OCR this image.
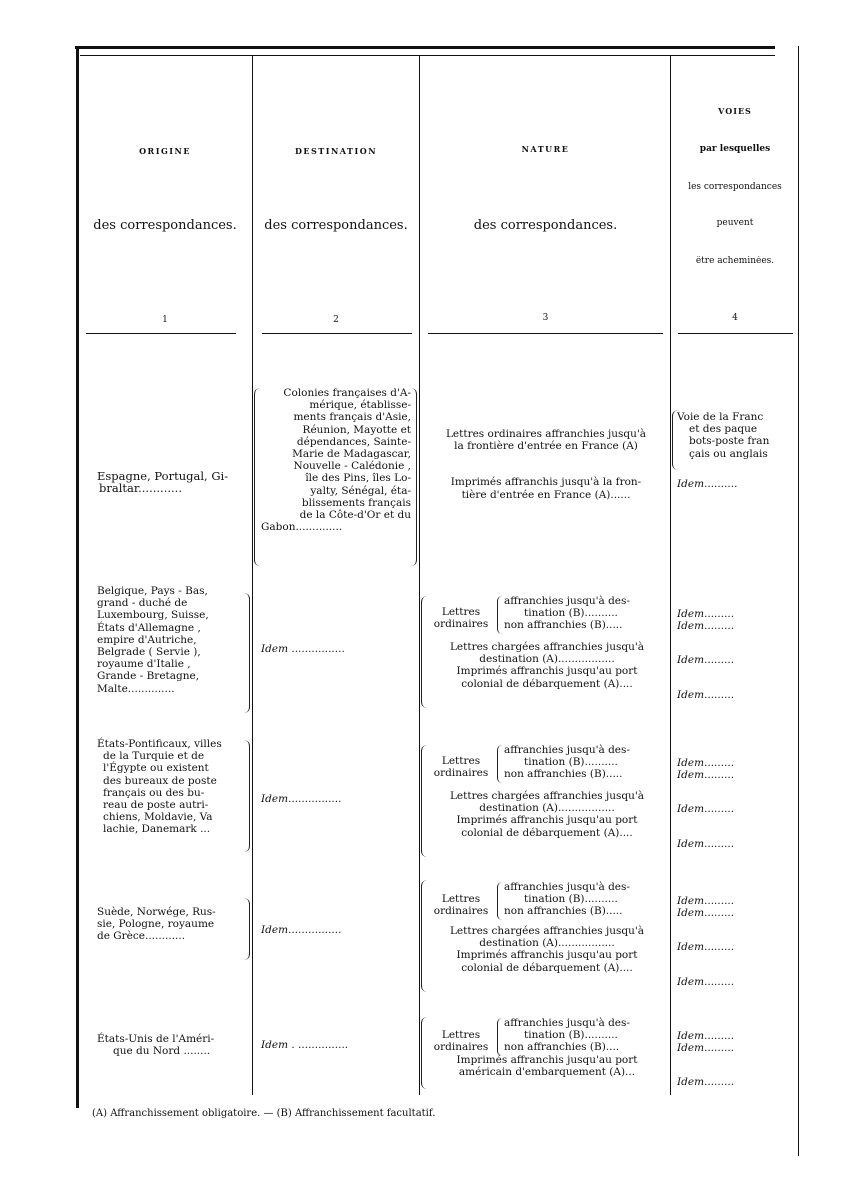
ORIGINE
des correspondances.
1
DESTINATION
des correspondances.
2
NATURE
des correspondances.
3
VOIES
par lesquelles
les correspondances
peuvent
être acheminées.
4
Espagne, Portugal, Gi-
braltar............
Colonies françaises d'A-
mérique, établisse-
ments français d'Asie,
Réunion, Mayotte et
dépendances, Sainte-
Marie de Madagascar,
Nouvelle - Calédonie ,
île des Pins, îles Lo-
yalty, Sénégal, éta-
blissements français
de la Côte-d'Or et du
Gabon..............
Lettres ordinaires affranchies jusqu'à
la frontière d'entrée en France (A)
Imprimés affranchis jusqu'à la fron-
tière d'entrée en France (A)......
Voie de la Franc
et des paque
bots-poste fran
çais ou anglais
Idem..........
Belgique, Pays - Bas,
grand - duché de
Luxembourg, Suisse,
États d'Allemagne ,
empire d'Autriche,
Belgrade ( Servie ),
royaume d'Italie ,
Grande - Bretagne,
Malte..............
Idem ................
Lettres
ordinaires
affranchies jusqu'à des-
tination (B)..........
non affranchies (B).....
Lettres chargées affranchies jusqu'à
destination (A).................
Imprimés affranchis jusqu'au port
colonial de débarquement (A)....
Idem.........
Idem.........
Idem.........
Idem.........
États-Pontificaux, villes
de la Turquie et de
l'Égypte ou existent
des bureaux de poste
français ou des bu-
reau de poste autri-
chiens, Moldavie, Va
lachie, Danemark ...
Idem................
Lettres
ordinaires
affranchies jusqu'à des-
tination (B)..........
non affranchies (B).....
Lettres chargées affranchies jusqu'à
destination (A).................
Imprimés affranchis jusqu'au port
colonial de débarquement (A)....
Idem.........
Idem.........
Idem.........
Idem.........
Suède, Norwége, Rus-
sie, Pologne, royaume
de Grèce............
Idem................
Lettres
ordinaires
affranchies jusqu'à des-
tination (B)..........
non affranchies (B).....
Lettres chargées affranchies jusqu'à
destination (A).................
Imprimés affranchis jusqu'au port
colonial de débarquement (A)....
Idem.........
Idem.........
Idem.........
Idem.........
États-Unis de l'Améri-
que du Nord ........
Idem . ...............
Lettres
ordinaires
affranchies jusqu'à des-
tination (B)..........
non affranchies (B)....
Imprimés affranchis jusqu'au port
américain d'embarquement (A)...
Idem.........
Idem.........
Idem.........
(A) Affranchissement obligatoire. — (B) Affranchissement facultatif.
